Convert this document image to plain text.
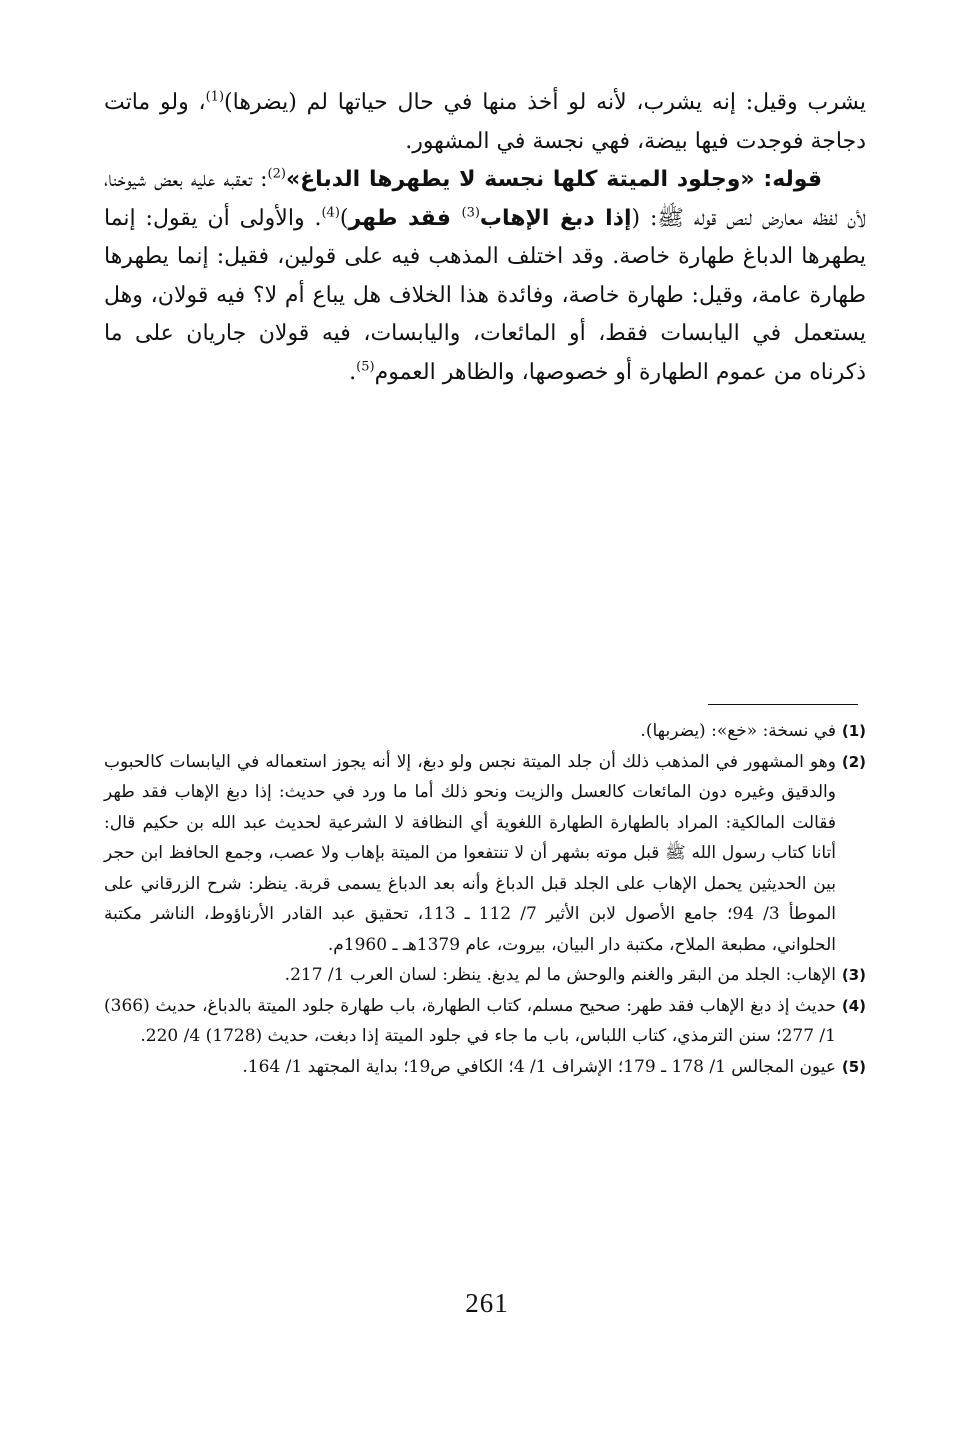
يشرب وقيل: إنه يشرب، لأنه لو أخذ منها في حال حياتها لم (يضرها)$^{(1)}$، ولو ماتت دجاجة فوجدت فيها بيضة، فهي نجسة في المشهور.

قوله: «وجلود الميتة كلها نجسة لا يطهرها الدباغ»$^{(2)}$: تعقبه عليه بعض شيوخنا، لأن لفظه معارض لنص قوله ﷺ: (إذا دبغ الإهاب$^{(3)}$ فقد طهر)$^{(4)}$. والأولى أن يقول: إنما يطهرها الدباغ طهارة خاصة. وقد اختلف المذهب فيه على قولين، فقيل: إنما يطهرها طهارة عامة، وقيل: طهارة خاصة، وفائدة هذا الخلاف هل يباع أم لا؟ فيه قولان، وهل يستعمل في اليابسات فقط، أو المائعات، واليابسات، فيه قولان جاريان على ما ذكرناه من عموم الطهارة أو خصوصها، والظاهر العموم$^{(5)}$.

(1)
في نسخة: «خع»: (يضربها).
(2)
وهو المشهور في المذهب ذلك أن جلد الميتة نجس ولو دبغ، إلا أنه يجوز استعماله في اليابسات كالحبوب والدقيق وغيره دون المائعات كالعسل والزيت ونحو ذلك أما ما ورد في حديث: إذا دبغ الإهاب فقد طهر فقالت المالكية: المراد بالطهارة الطهارة اللغوية أي النظافة لا الشرعية لحديث عبد الله بن حكيم قال: أتانا كتاب رسول الله ﷺ قبل موته بشهر أن لا تنتفعوا من الميتة بإهاب ولا عصب، وجمع الحافظ ابن حجر بين الحديثين يحمل الإهاب على الجلد قبل الدباغ وأنه بعد الدباغ يسمى قربة. ينظر: شرح الزرقاني على الموطأ 3/ 94؛ جامع الأصول لابن الأثير 7/ 112 ـ 113، تحقيق عبد القادر الأرناؤوط، الناشر مكتبة الحلواني، مطبعة الملاح، مكتبة دار البيان، بيروت، عام 1379هـ ـ 1960م.
(3)
الإهاب: الجلد من البقر والغنم والوحش ما لم يدبغ. ينظر: لسان العرب 1/ 217.
(4)
حديث إذ دبغ الإهاب فقد طهر: صحيح مسلم، كتاب الطهارة، باب طهارة جلود الميتة بالدباغ، حديث (366) 1/ 277؛ سنن الترمذي، كتاب اللباس، باب ما جاء في جلود الميتة إذا دبغت، حديث (1728) 4/ 220.
(5)
عيون المجالس 1/ 178 ـ 179؛ الإشراف 1/ 4؛ الكافي ص19؛ بداية المجتهد 1/ 164.
261
